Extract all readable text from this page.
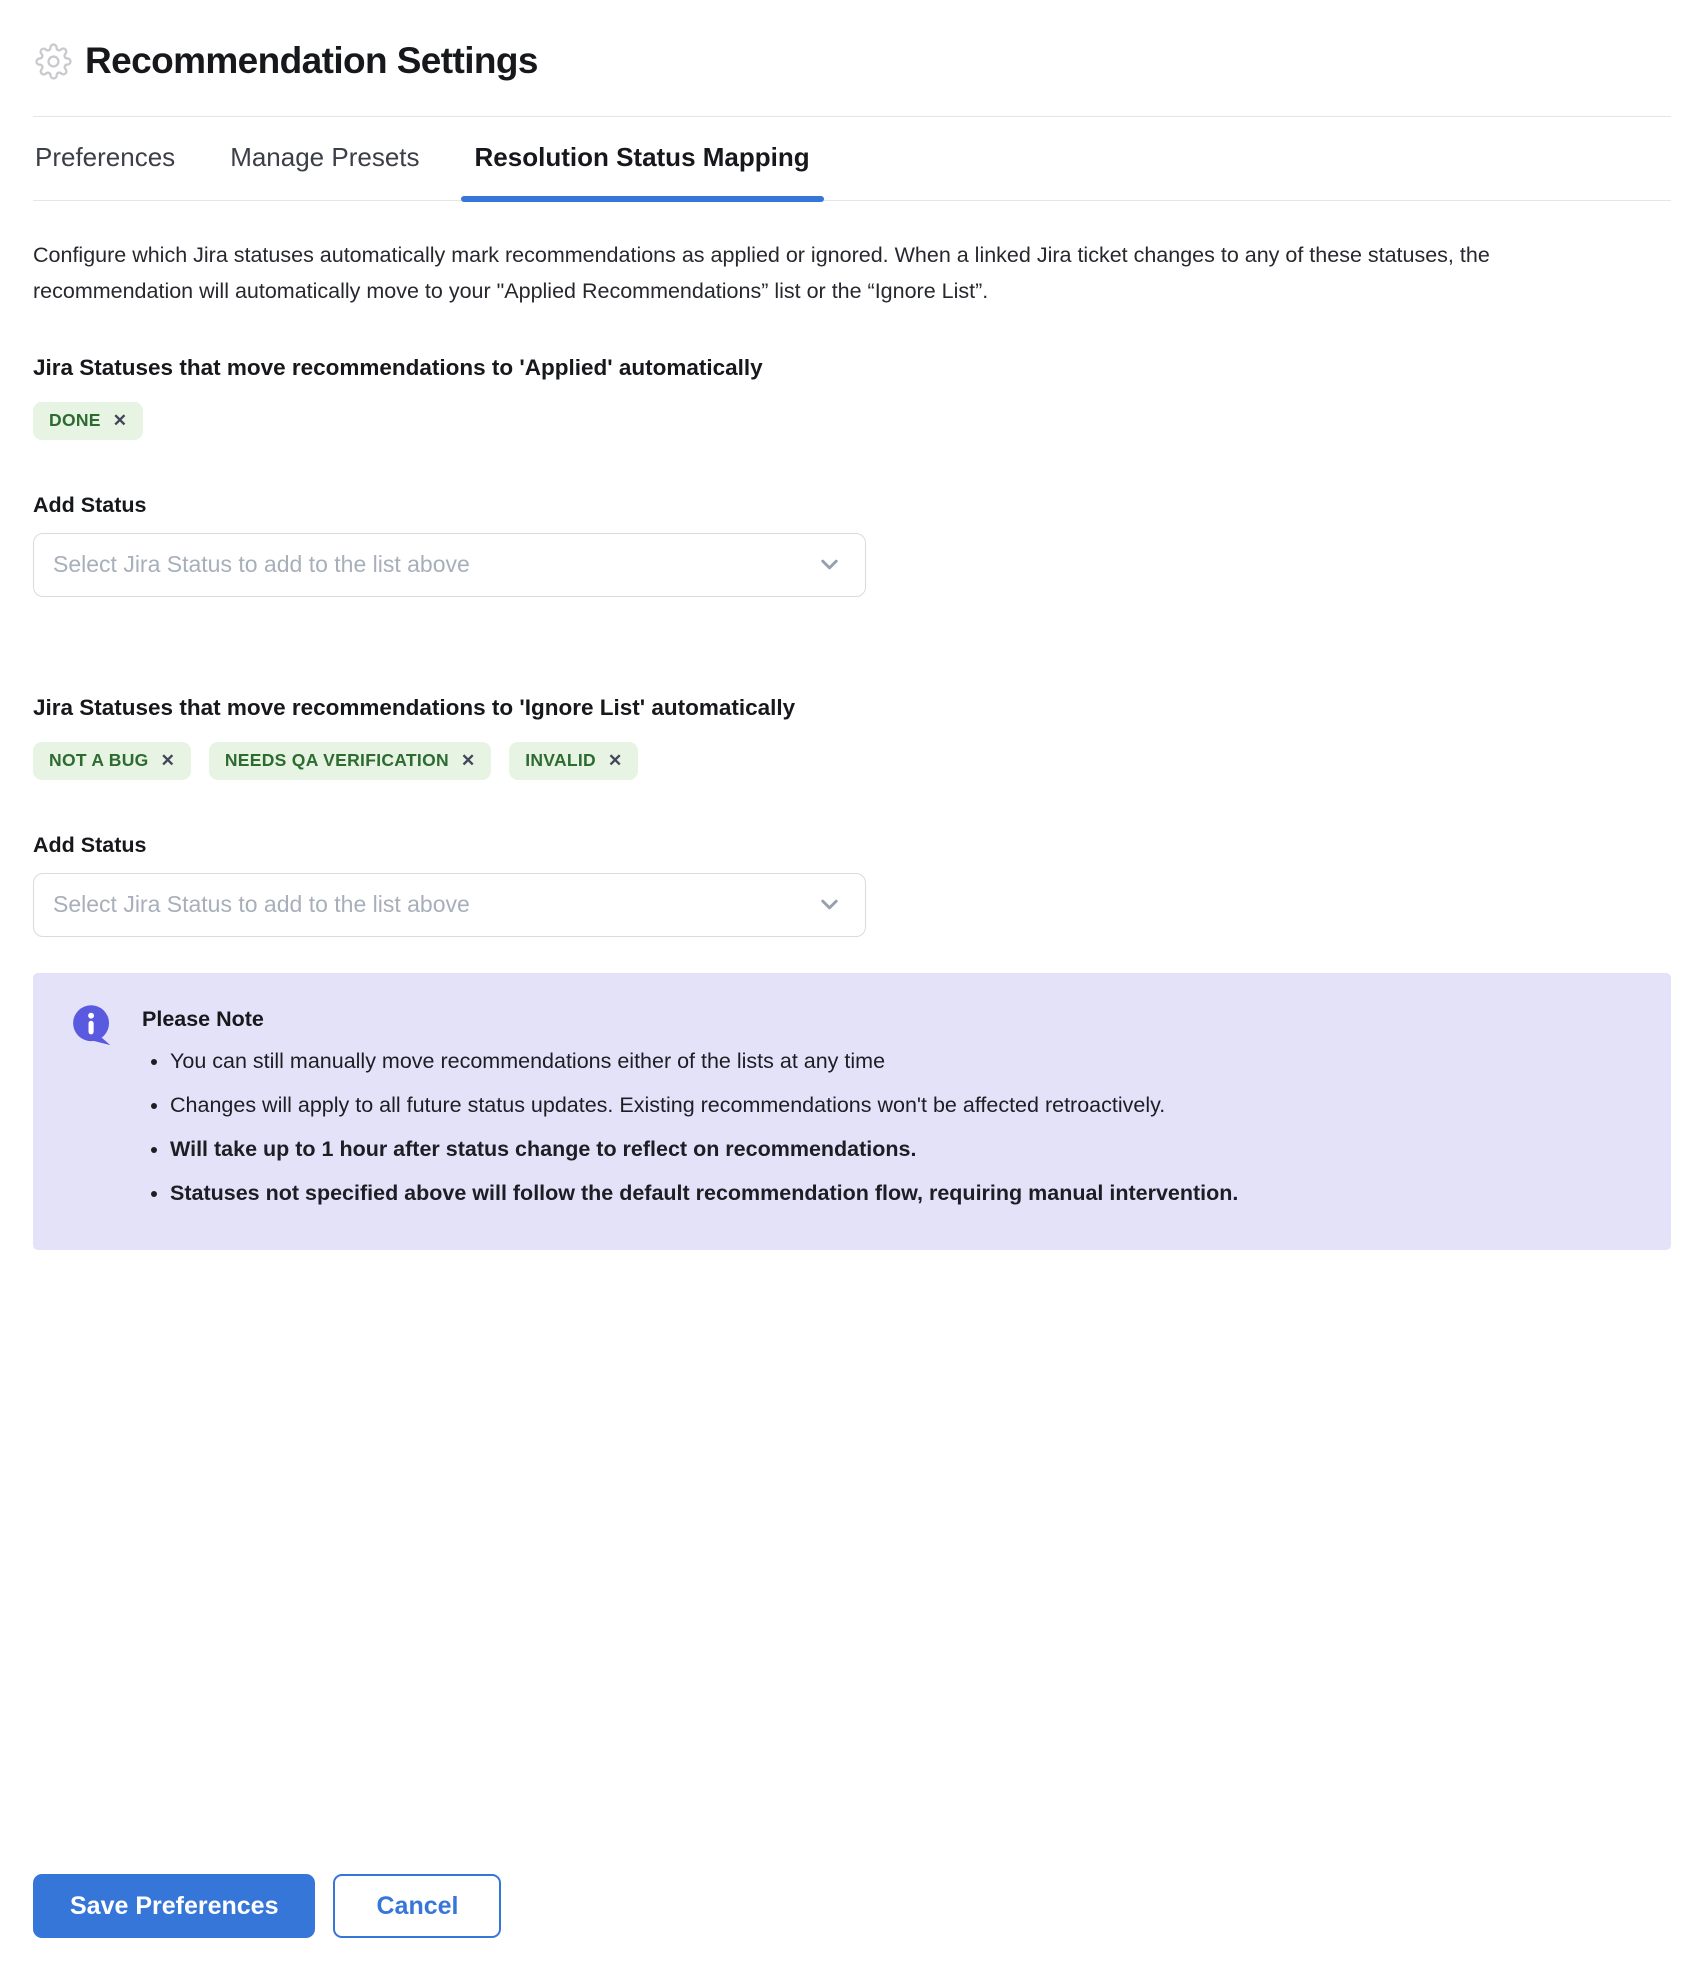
Recommendation Settings
Preferences Manage Presets Resolution Status Mapping

Configure which Jira statuses automatically mark recommendations as applied or ignored. When a linked Jira ticket changes to any of these statuses, the recommendation will automatically move to your "Applied Recommendations” list or the “Ignore List”.

Jira Statuses that move recommendations to 'Applied' automatically
DONE ✕
Add Status
Select Jira Status to add to the list above
Jira Statuses that move recommendations to 'Ignore List' automatically
NOT A BUG ✕	NEEDS QA VERIFICATION ✕	INVALID ✕
Add Status
Select Jira Status to add to the list above
Please Note
• You can still manually move recommendations either of the lists at any time
• Changes will apply to all future status updates. Existing recommendations won't be affected retroactively.
• Will take up to 1 hour after status change to reflect on recommendations.
• Statuses not specified above will follow the default recommendation flow, requiring manual intervention.
Save Preferences	Cancel
